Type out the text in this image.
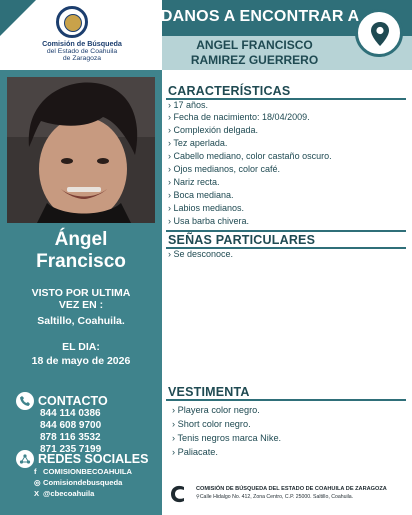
Comisión de Búsqueda
del Estado de Coahuila
de Zaragoza
AYÚDANOS A ENCONTRAR A
ANGEL FRANCISCO
RAMIREZ GUERRERO
Ángel
Francisco
VISTO POR ULTIMA
VEZ EN :
Saltillo, Coahuila.
EL DIA:
18 de mayo de 2026
CONTACTO
844 114 0386
844 608 9700
878 116 3532
871 235 7199
REDES SOCIALES
f COMISIONBECOAHUILA
◎ Comisiondebusqueda
X @cbecoahuila
CARACTERÍSTICAS
› 17 años.
› Fecha de nacimiento: 18/04/2009.
› Complexión delgada.
› Tez aperlada.
› Cabello mediano, color castaño oscuro.
› Ojos medianos, color café.
› Nariz recta.
› Boca mediana.
› Labios medianos.
› Usa barba chivera.
SEÑAS PARTICULARES
› Se desconoce.
VESTIMENTA
› Playera color negro.
› Short color negro.
› Tenis negros marca Nike.
› Paliacate.
COMISIÓN DE BÚSQUEDA DEL ESTADO DE COAHUILA DE ZARAGOZA
⚲Calle Hidalgo No. 412, Zona Centro, C.P. 25000. Saltillo, Coahuila.
